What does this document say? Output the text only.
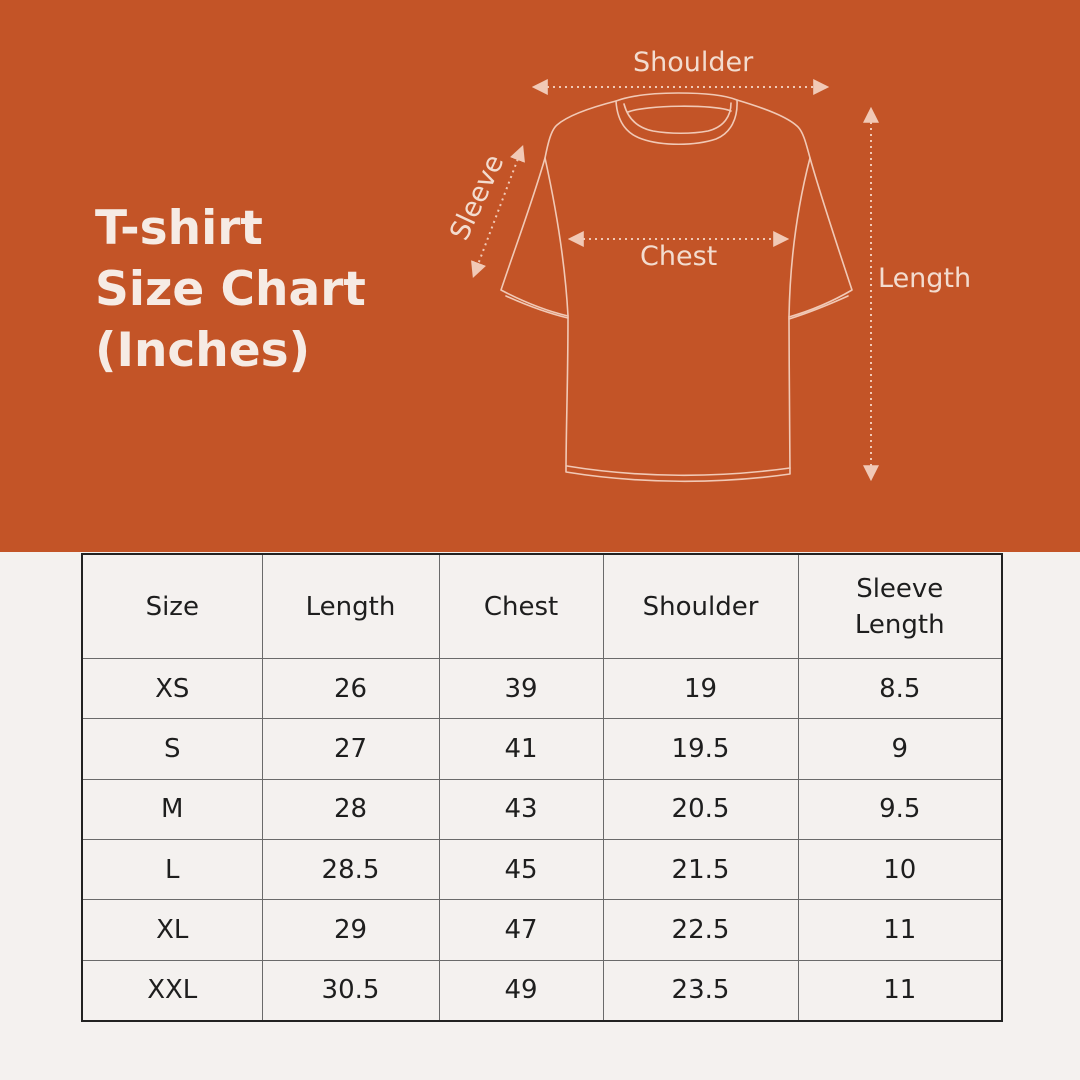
T-shirt
Size Chart
(Inches)
Shoulder
Chest
Length
Sleeve
Size	Length	Chest	Shoulder	Sleeve Length
XS	26	39	19	8.5
S	27	41	19.5	9
M	28	43	20.5	9.5
L	28.5	45	21.5	10
XL	29	47	22.5	11
XXL	30.5	49	23.5	11
